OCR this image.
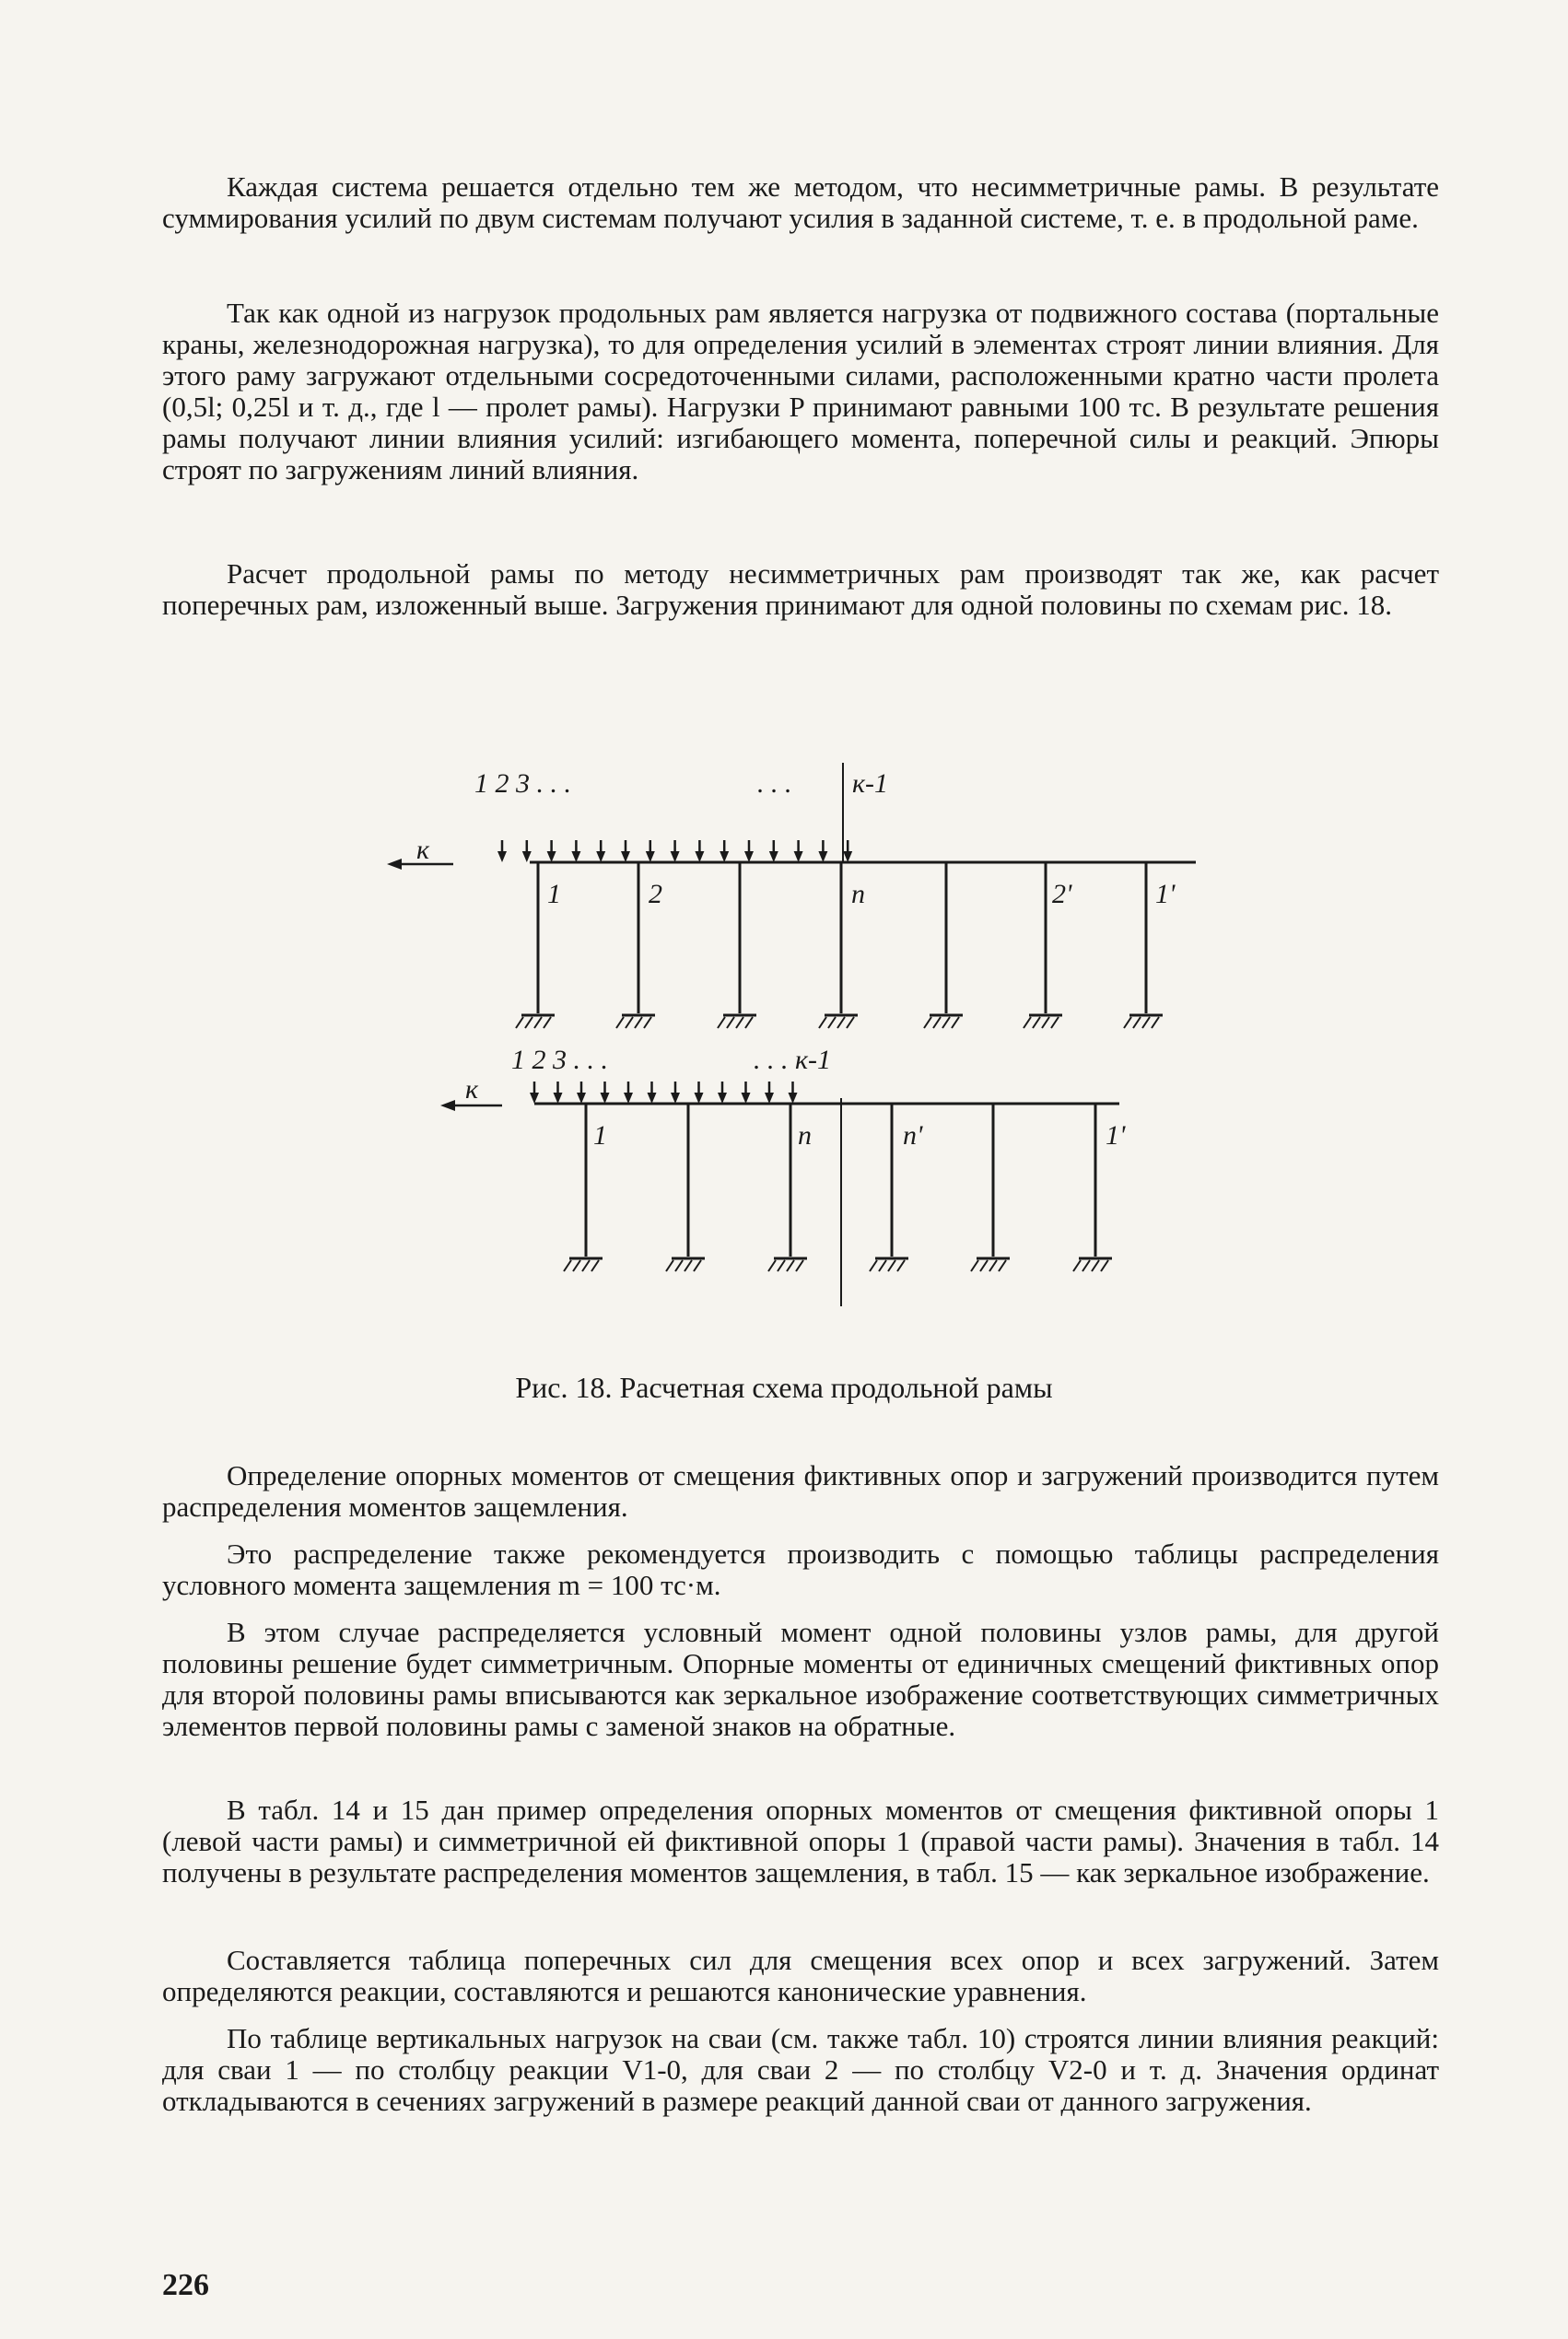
Каждая система решается отдельно тем же методом, что несимметричные рамы. В результате суммирования усилий по двум системам получают усилия в заданной системе, т. е. в продольной раме.

Так как одной из нагрузок продольных рам является нагрузка от подвижного состава (портальные краны, железнодорожная нагрузка), то для определения усилий в элементах строят линии влияния. Для этого раму загружают отдельными сосредоточенными силами, расположенными кратно части пролета (0,5l; 0,25l и т. д., где l — пролет рамы). Нагрузки P принимают равными 100 тс. В результате решения рамы получают линии влияния усилий: изгибающего момента, поперечной силы и реакций. Эпюры строят по загружениям линий влияния.

Расчет продольной рамы по методу несимметричных рам производят так же, как расчет поперечных рам, изложенный выше. Загружения принимают для одной половины по схемам рис. 18.

1 2 3 . . .	. . . к-1
к
1	2	n	2'	1'
1 2 3 . . .	. . . к-1
к
1	n	n'	1'

Рис. 18. Расчетная схема продольной рамы

Определение опорных моментов от смещения фиктивных опор и загружений производится путем распределения моментов защемления.

Это распределение также рекомендуется производить с помощью таблицы распределения условного момента защемления m = 100 тс·м.

В этом случае распределяется условный момент одной половины узлов рамы, для другой половины решение будет симметричным. Опорные моменты от единичных смещений фиктивных опор для второй половины рамы вписываются как зеркальное изображение соответствующих симметричных элементов первой половины рамы с заменой знаков на обратные.

В табл. 14 и 15 дан пример определения опорных моментов от смещения фиктивной опоры 1 (левой части рамы) и симметричной ей фиктивной опоры 1 (правой части рамы). Значения в табл. 14 получены в результате распределения моментов защемления, в табл. 15 — как зеркальное изображение.

Составляется таблица поперечных сил для смещения всех опор и всех загружений. Затем определяются реакции, составляются и решаются канонические уравнения.

По таблице вертикальных нагрузок на сваи (см. также табл. 10) строятся линии влияния реакций: для сваи 1 — по столбцу реакции V1-0, для сваи 2 — по столбцу V2-0 и т. д. Значения ординат откладываются в сечениях загружений в размере реакций данной сваи от данного загружения.

226
